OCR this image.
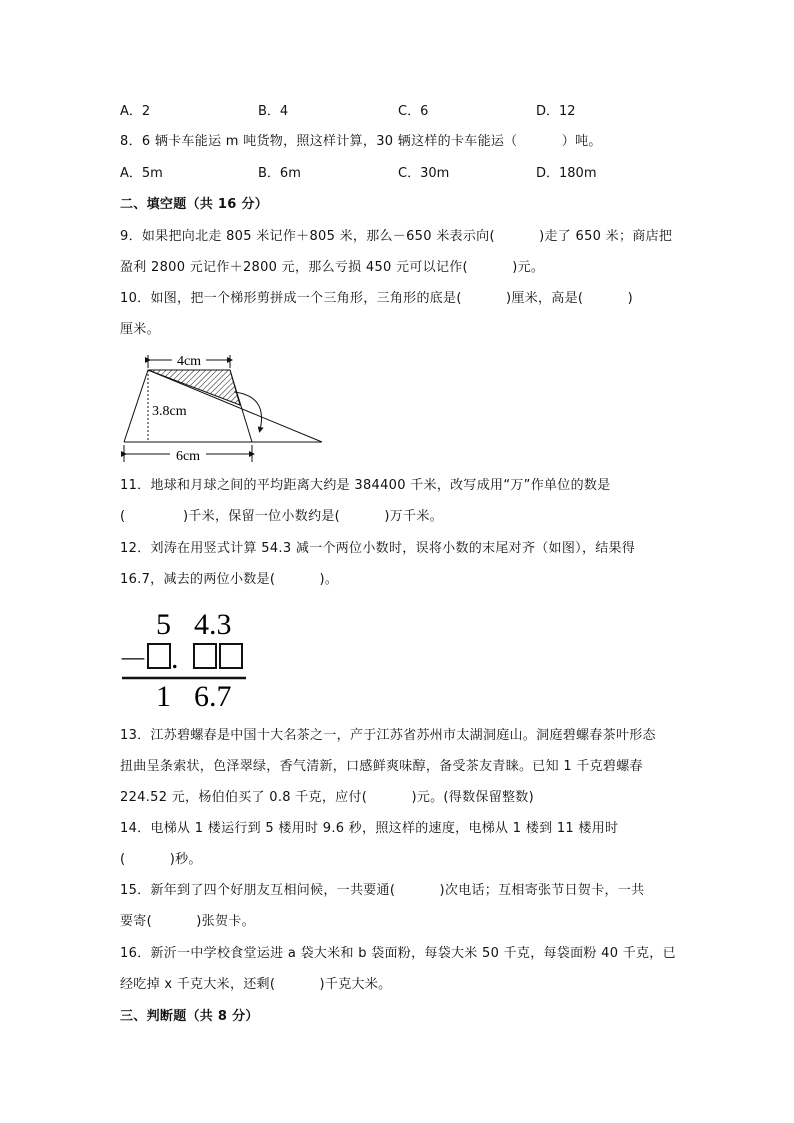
A．2	B．4	C．6	D．12
8．6 辆卡车能运 m 吨货物，照这样计算，30 辆这样的卡车能运（          ）吨。
A．5m	B．6m	C．30m	D．180m
二、填空题（共 16 分）
9．如果把向北走 805 米记作＋805 米，那么－650 米表示向(          )走了 650 米；商店把
盈利 2800 元记作＋2800 元，那么亏损 450 元可以记作(          )元。
10．如图，把一个梯形剪拼成一个三角形，三角形的底是(          )厘米，高是(          )
厘米。
4cm
3.8cm
6cm
11．地球和月球之间的平均距离大约是 384400 千米，改写成用“万”作单位的数是
(             )千米，保留一位小数约是(          )万千米。
12．刘涛在用竖式计算 54.3 减一个两位小数时，误将小数的末尾对齐（如图），结果得
16.7，减去的两位小数是(          )。
5 4.3
－ .
1 6.7
13．江苏碧螺春是中国十大名茶之一，产于江苏省苏州市太湖洞庭山。洞庭碧螺春茶叶形态
扭曲呈条索状，色泽翠绿，香气清新，口感鲜爽味醇，备受茶友青睐。已知 1 千克碧螺春
224.52 元，杨伯伯买了 0.8 千克，应付(          )元。(得数保留整数)
14．电梯从 1 楼运行到 5 楼用时 9.6 秒，照这样的速度，电梯从 1 楼到 11 楼用时
(          )秒。
15．新年到了四个好朋友互相问候，一共要通(          )次电话；互相寄张节日贺卡，一共
要寄(          )张贺卡。
16．新沂一中学校食堂运进 a 袋大米和 b 袋面粉，每袋大米 50 千克，每袋面粉 40 千克，已
经吃掉 x 千克大米，还剩(          )千克大米。
三、判断题（共 8 分）
